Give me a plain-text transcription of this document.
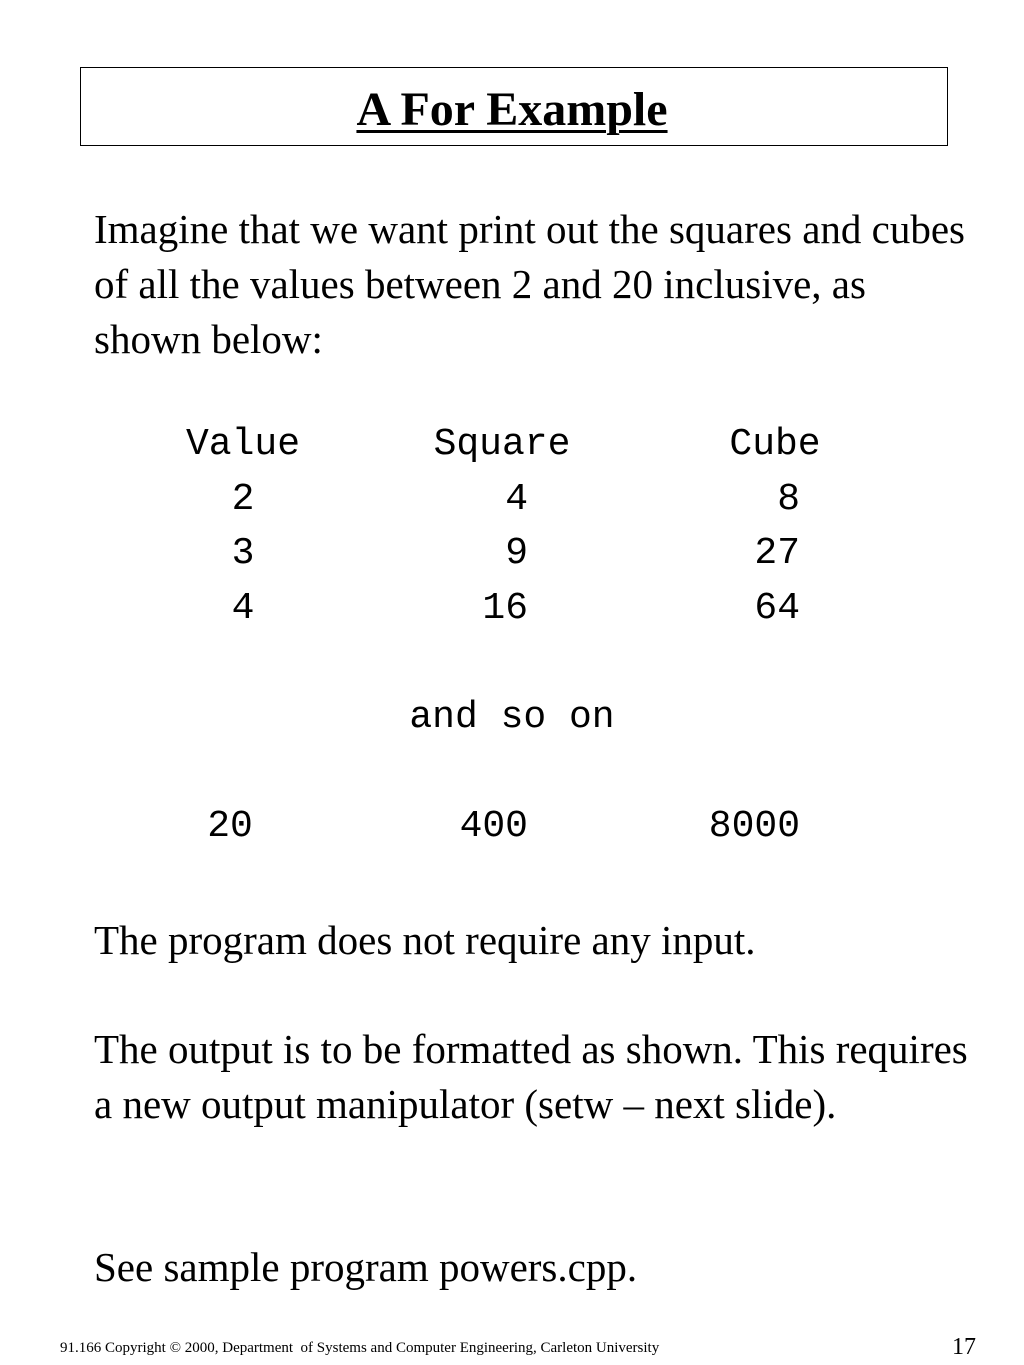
A For Example

Imagine that we want print out the squares and cubes of all the values between 2 and 20 inclusive, as shown below:

Value	Square	Cube
2	4	8
3	9	27
4	16	64
and so on
20	400	8000

The program does not require any input.

The output is to be formatted as shown. This requires a new output manipulator (setw – next slide).

See sample program powers.cpp.

91.166 Copyright © 2000, Department  of Systems and Computer Engineering, Carleton University	17
